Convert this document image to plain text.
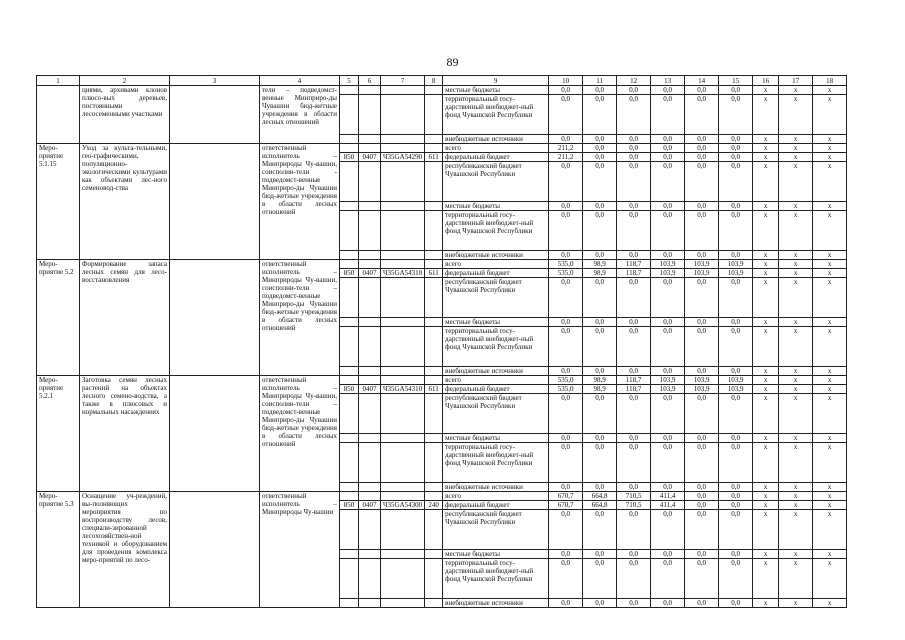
89
1	2	3	4	5	6	7	8	9	10	11	12	13	14	15	16	17	18
	циями, архивами клонов плюсо-вых деревьев, постоянными лесосеменными участками		тели – подведомст-венные Минприро-ды Чувашии бюд-жетные учреждения в области лесных отношений					местные бюджеты	0,0	0,0	0,0	0,0	0,0	0,0	х	х	х
								территориальный госу-дарственный внебюджет-ный фонд Чувашской Республики	0,0	0,0	0,0	0,0	0,0	0,0	х	х	х
								внебюджетные источники	0,0	0,0	0,0	0,0	0,0	0,0	х	х	х
Меро-приятие 5.1.15	Уход за культа-тельными, гео-графическими, популяционно-экологическими культурами как объектами лес-ного семеновод-ства		ответственный исполнитель – Минприроды Чу-вашии, соисполни-тели - подведомст-венные Минприро-ды Чувашии бюд-жетные учреждения в области лесных отношений					всего	211,2	0,0	0,0	0,0	0,0	0,0	х	х	х
				850	0407	Ч35GA54290	611	федеральный бюджет	211,2	0,0	0,0	0,0	0,0	0,0	х	х	х
								республиканский бюджет Чувашской Республики	0,0	0,0	0,0	0,0	0,0	0,0	х	х	х
								местные бюджеты	0,0	0,0	0,0	0,0	0,0	0,0	х	х	х
								территориальный госу-дарственный внебюджет-ный фонд Чувашской Республики	0,0	0,0	0,0	0,0	0,0	0,0	х	х	х
								внебюджетные источники	0,0	0,0	0,0	0,0	0,0	0,0	х	х	х
Меро-приятие 5.2	Формирование запаса лесных семян для лесо-восстановления		ответственный исполнитель – Минприроды Чу-вашии, соисполни-тели – подведомст-венные Минприро-ды Чувашии бюд-жетные учреждения в области лесных отношений					всего	535,0	98,9	118,7	103,9	103,9	103,9	х	х	х
				850	0407	Ч35GA54310	611	федеральный бюджет	535,0	98,9	118,7	103,9	103,9	103,9	х	х	х
								республиканский бюджет Чувашской Республики	0,0	0,0	0,0	0,0	0,0	0,0	х	х	х
								местные бюджеты	0,0	0,0	0,0	0,0	0,0	0,0	х	х	х
								территориальный госу-дарственный внебюджет-ный фонд Чувашской Республики	0,0	0,0	0,0	0,0	0,0	0,0	х	х	х
								внебюджетные источники	0,0	0,0	0,0	0,0	0,0	0,0	х	х	х
Меро-приятие 5.2.1	Заготовка семян лесных растений на объектах лесного семено-водства, а также в плюсовых и нормальных насаждениях		ответственный исполнитель – Минприроды Чу-вашии, соисполни-тели – подведомст-венные Минприро-ды Чувашии бюд-жетные учреждения в области лесных отношений					всего	535,0	98,9	118,7	103,9	103,9	103,9	х	х	х
				850	0407	Ч35GA54310	611	федеральный бюджет	535,0	98,9	118,7	103,9	103,9	103,9	х	х	х
								республиканский бюджет Чувашской Республики	0,0	0,0	0,0	0,0	0,0	0,0	х	х	х
								местные бюджеты	0,0	0,0	0,0	0,0	0,0	0,0	х	х	х
								территориальный госу-дарственный внебюджет-ный фонд Чувашской Республики	0,0	0,0	0,0	0,0	0,0	0,0	х	х	х
								внебюджетные источники	0,0	0,0	0,0	0,0	0,0	0,0	х	х	х
Меро-приятие 5.3	Оснащение уч-реждений, вы-полняющих мероприятия по воспроизводству лесов, специали-зированной лесохозяйствен-ной техникой и оборудованием для проведения комплекса меро-приятий по лесо-		ответственный исполнитель – Минприроды Чу-вашии					всего	670,7	664,8	710,5	411,4	0,0	0,0	х	х	х
				850	0407	Ч35GA54300	240	федеральный бюджет	670,7	664,8	710,5	411,4	0,0	0,0	х	х	х
								республиканский бюджет Чувашской Республики	0,0	0,0	0,0	0,0	0,0	0,0	х	х	х
								местные бюджеты	0,0	0,0	0,0	0,0	0,0	0,0	х	х	х
								территориальный госу-дарственный внебюджет-ный фонд Чувашской Республики	0,0	0,0	0,0	0,0	0,0	0,0	х	х	х
								внебюджетные источники	0,0	0,0	0,0	0,0	0,0	0,0	х	х	х
